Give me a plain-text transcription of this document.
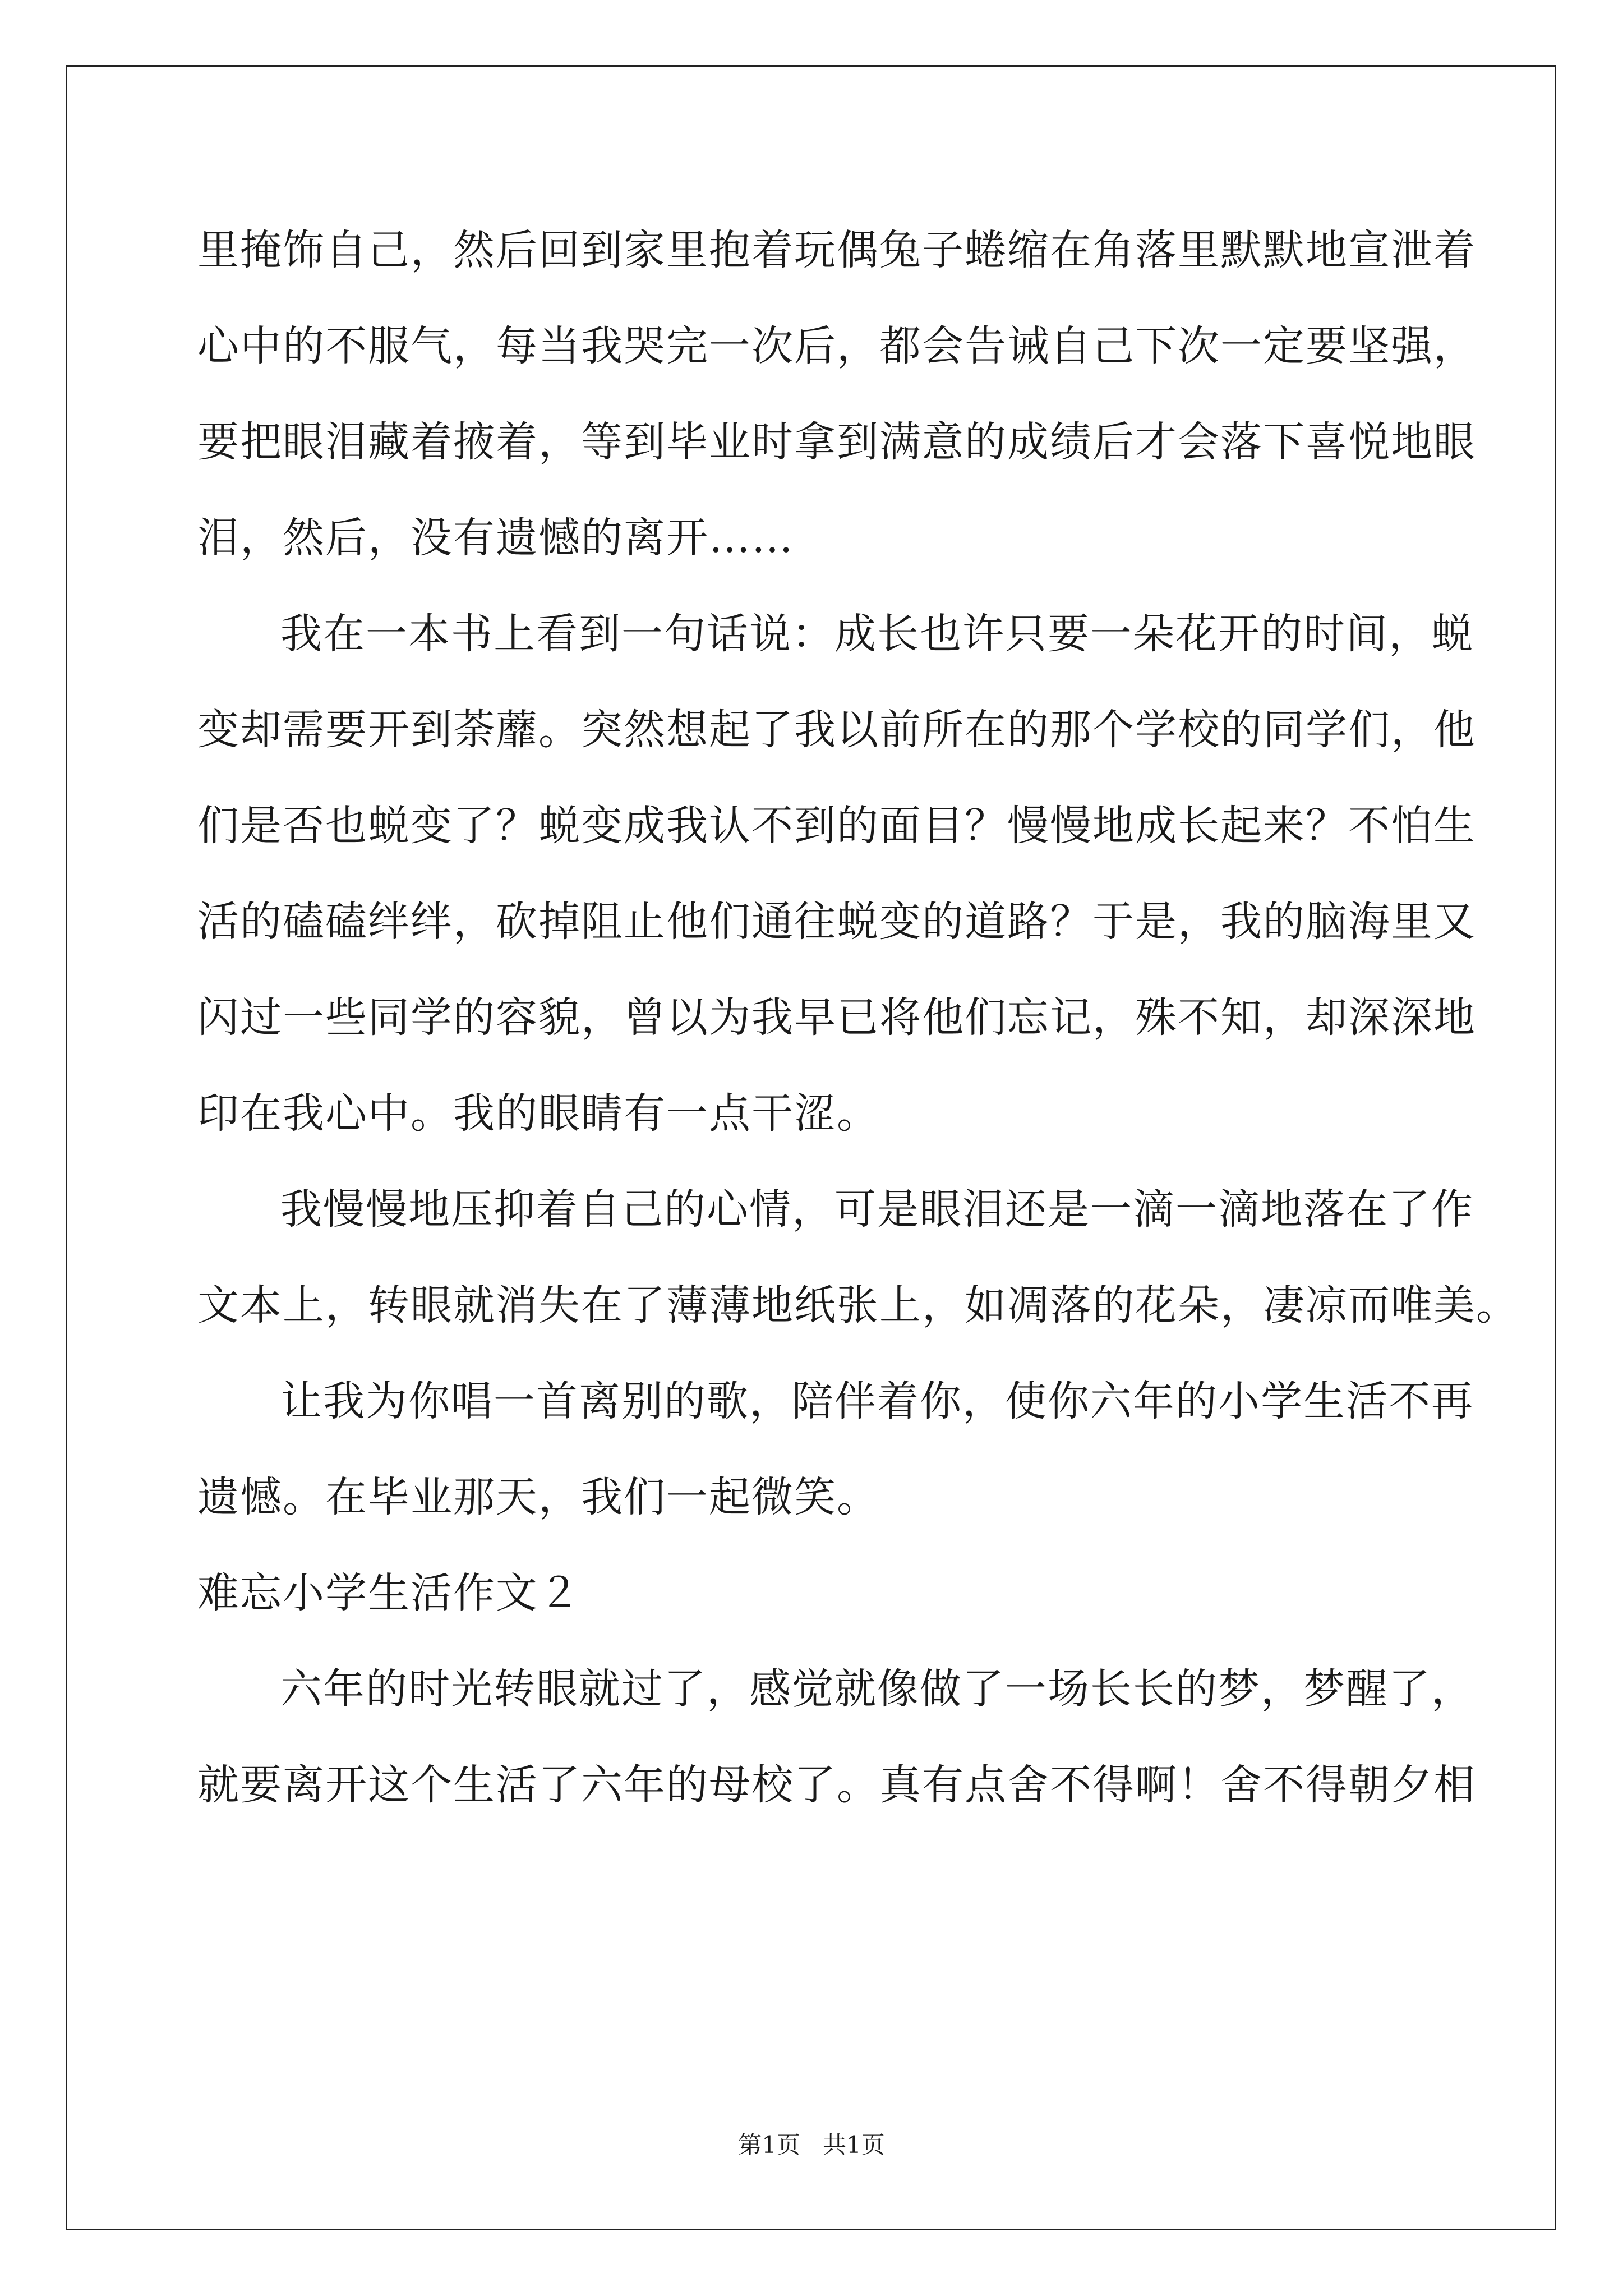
里掩饰自己，然后回到家里抱着玩偶兔子蜷缩在角落里默默地宣泄着
心中的不服气，每当我哭完一次后，都会告诫自己下次一定要坚强，
要把眼泪藏着掖着，等到毕业时拿到满意的成绩后才会落下喜悦地眼
泪，然后，没有遗憾的离开……
我在一本书上看到一句话说：成长也许只要一朵花开的时间，蜕
变却需要开到荼蘼。突然想起了我以前所在的那个学校的同学们，他
们是否也蜕变了？蜕变成我认不到的面目？慢慢地成长起来？不怕生
活的磕磕绊绊，砍掉阻止他们通往蜕变的道路？于是，我的脑海里又
闪过一些同学的容貌，曾以为我早已将他们忘记，殊不知，却深深地
印在我心中。我的眼睛有一点干涩。
我慢慢地压抑着自己的心情，可是眼泪还是一滴一滴地落在了作
文本上，转眼就消失在了薄薄地纸张上，如凋落的花朵，凄凉而唯美。
让我为你唱一首离别的歌，陪伴着你，使你六年的小学生活不再
遗憾。在毕业那天，我们一起微笑。
难忘小学生活作文２
六年的时光转眼就过了，感觉就像做了一场长长的梦，梦醒了，
就要离开这个生活了六年的母校了。真有点舍不得啊！舍不得朝夕相
第1页   共1页
